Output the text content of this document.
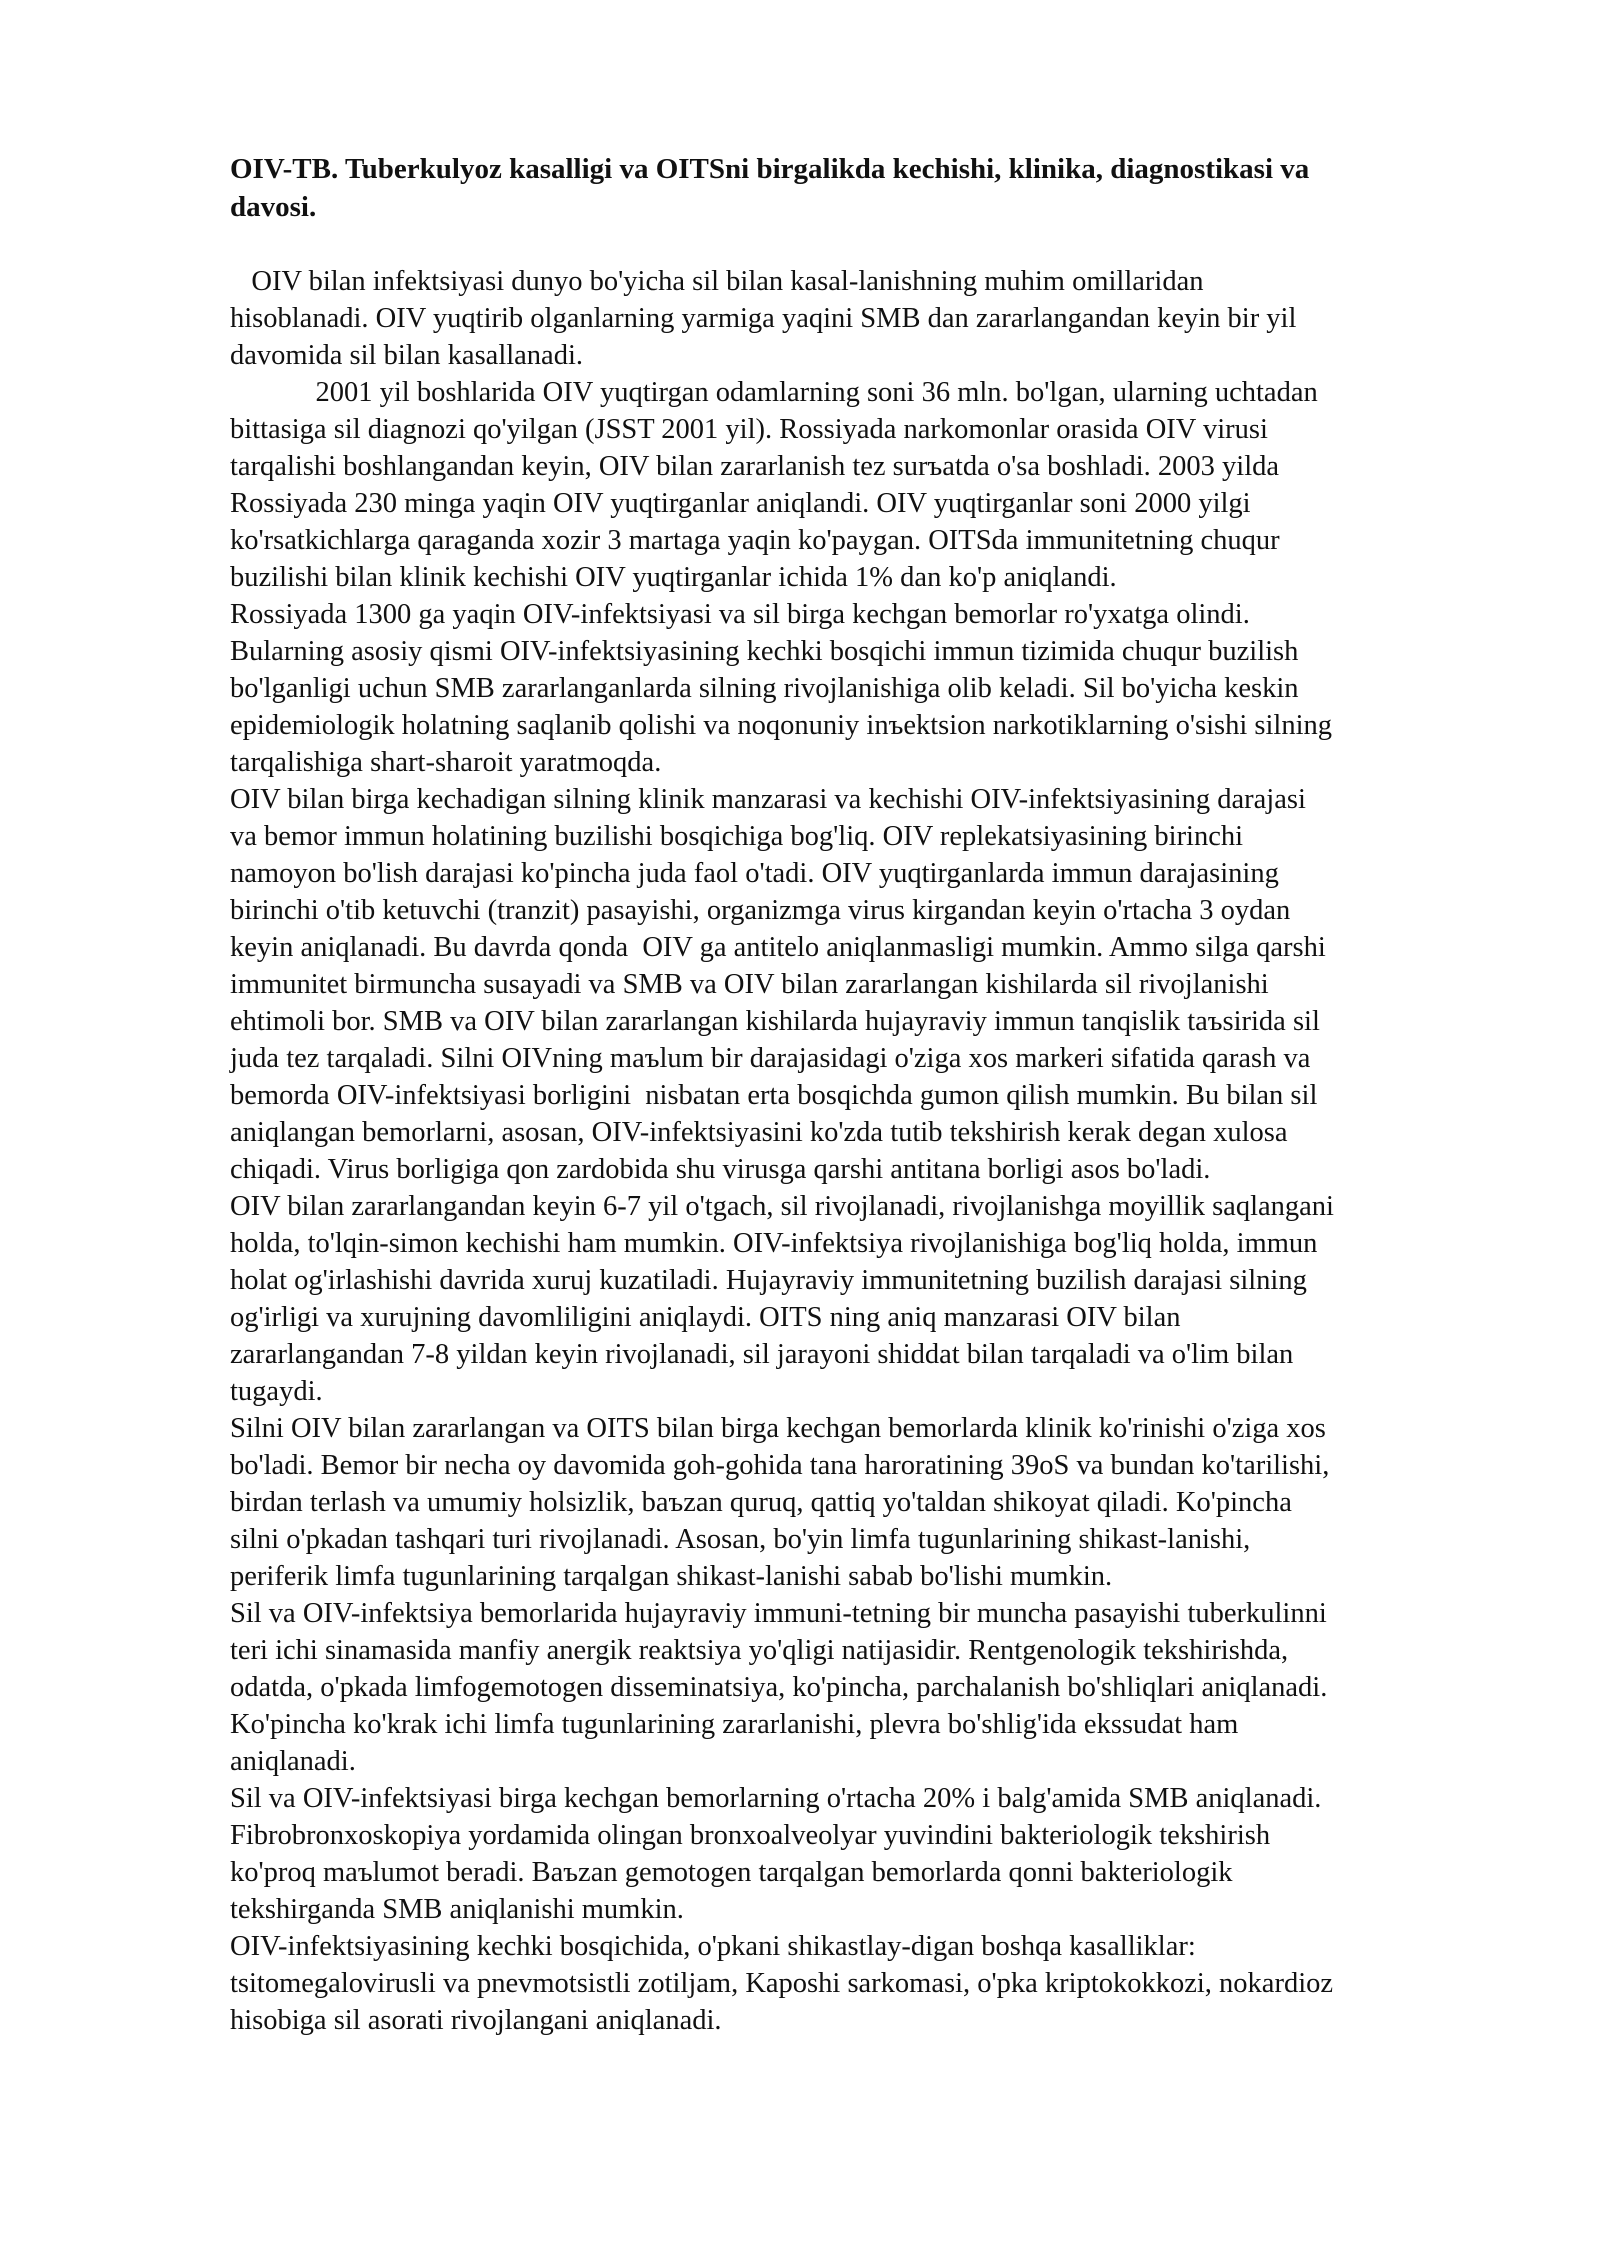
OIV-TB. Tuberkulyoz kasalligi va OITSni birgalikda kechishi, klinika, diagnostikasi va
davosi.

OIV bilan infektsiyasi dunyo bo'yicha sil bilan kasal-lanishning muhim omillaridan
hisoblanadi. OIV yuqtirib olganlarning yarmiga yaqini SMB dan zararlangandan keyin bir yil
davomida sil bilan kasallanadi.

2001 yil boshlarida OIV yuqtirgan odamlarning soni 36 mln. bo'lgan, ularning uchtadan
bittasiga sil diagnozi qo'yilgan (JSST 2001 yil). Rossiyada narkomonlar orasida OIV virusi
tarqalishi boshlangandan keyin, OIV bilan zararlanish tez surъatda o'sa boshladi. 2003 yilda
Rossiyada 230 minga yaqin OIV yuqtirganlar aniqlandi. OIV yuqtirganlar soni 2000 yilgi
ko'rsatkichlarga qaraganda xozir 3 martaga yaqin ko'paygan. OITSda immunitetning chuqur
buzilishi bilan klinik kechishi OIV yuqtirganlar ichida 1% dan ko'p aniqlandi.

Rossiyada 1300 ga yaqin OIV-infektsiyasi va sil birga kechgan bemorlar ro'yxatga olindi.
Bularning asosiy qismi OIV-infektsiyasining kechki bosqichi immun tizimida chuqur buzilish
bo'lganligi uchun SMB zararlanganlarda silning rivojlanishiga olib keladi. Sil bo'yicha keskin
epidemiologik holatning saqlanib qolishi va noqonuniy inъektsion narkotiklarning o'sishi silning
tarqalishiga shart-sharoit yaratmoqda.

OIV bilan birga kechadigan silning klinik manzarasi va kechishi OIV-infektsiyasining darajasi
va bemor immun holatining buzilishi bosqichiga bog'liq. OIV replekatsiyasining birinchi
namoyon bo'lish darajasi ko'pincha juda faol o'tadi. OIV yuqtirganlarda immun darajasining
birinchi o'tib ketuvchi (tranzit) pasayishi, organizmga virus kirgandan keyin o'rtacha 3 oydan
keyin aniqlanadi. Bu davrda qonda  OIV ga antitelo aniqlanmasligi mumkin. Ammo silga qarshi
immunitet birmuncha susayadi va SMB va OIV bilan zararlangan kishilarda sil rivojlanishi
ehtimoli bor. SMB va OIV bilan zararlangan kishilarda hujayraviy immun tanqislik taъsirida sil
juda tez tarqaladi. Silni OIVning maъlum bir darajasidagi o'ziga xos markeri sifatida qarash va
bemorda OIV-infektsiyasi borligini  nisbatan erta bosqichda gumon qilish mumkin. Bu bilan sil
aniqlangan bemorlarni, asosan, OIV-infektsiyasini ko'zda tutib tekshirish kerak degan xulosa
chiqadi. Virus borligiga qon zardobida shu virusga qarshi antitana borligi asos bo'ladi.

OIV bilan zararlangandan keyin 6-7 yil o'tgach, sil rivojlanadi, rivojlanishga moyillik saqlangani
holda, to'lqin-simon kechishi ham mumkin. OIV-infektsiya rivojlanishiga bog'liq holda, immun
holat og'irlashishi davrida xuruj kuzatiladi. Hujayraviy immunitetning buzilish darajasi silning
og'irligi va xurujning davomliligini aniqlaydi. OITS ning aniq manzarasi OIV bilan
zararlangandan 7-8 yildan keyin rivojlanadi, sil jarayoni shiddat bilan tarqaladi va o'lim bilan
tugaydi.

Silni OIV bilan zararlangan va OITS bilan birga kechgan bemorlarda klinik ko'rinishi o'ziga xos
bo'ladi. Bemor bir necha oy davomida goh-gohida tana haroratining 39oS va bundan ko'tarilishi,
birdan terlash va umumiy holsizlik, baъzan quruq, qattiq yo'taldan shikoyat qiladi. Ko'pincha
silni o'pkadan tashqari turi rivojlanadi. Asosan, bo'yin limfa tugunlarining shikast-lanishi,
periferik limfa tugunlarining tarqalgan shikast-lanishi sabab bo'lishi mumkin.

Sil va OIV-infektsiya bemorlarida hujayraviy immuni-tetning bir muncha pasayishi tuberkulinni
teri ichi sinamasida manfiy anergik reaktsiya yo'qligi natijasidir. Rentgenologik tekshirishda,
odatda, o'pkada limfogemotogen disseminatsiya, ko'pincha, parchalanish bo'shliqlari aniqlanadi.
Ko'pincha ko'krak ichi limfa tugunlarining zararlanishi, plevra bo'shlig'ida ekssudat ham
aniqlanadi.

Sil va OIV-infektsiyasi birga kechgan bemorlarning o'rtacha 20% i balg'amida SMB aniqlanadi.
Fibrobronxoskopiya yordamida olingan bronxoalveolyar yuvindini bakteriologik tekshirish
ko'proq maъlumot beradi. Baъzan gemotogen tarqalgan bemorlarda qonni bakteriologik
tekshirganda SMB aniqlanishi mumkin.

OIV-infektsiyasining kechki bosqichida, o'pkani shikastlay-digan boshqa kasalliklar:
tsitomegalovirusli va pnevmotsistli zotiljam, Kaposhi sarkomasi, o'pka kriptokokkozi, nokardioz
hisobiga sil asorati rivojlangani aniqlanadi.
